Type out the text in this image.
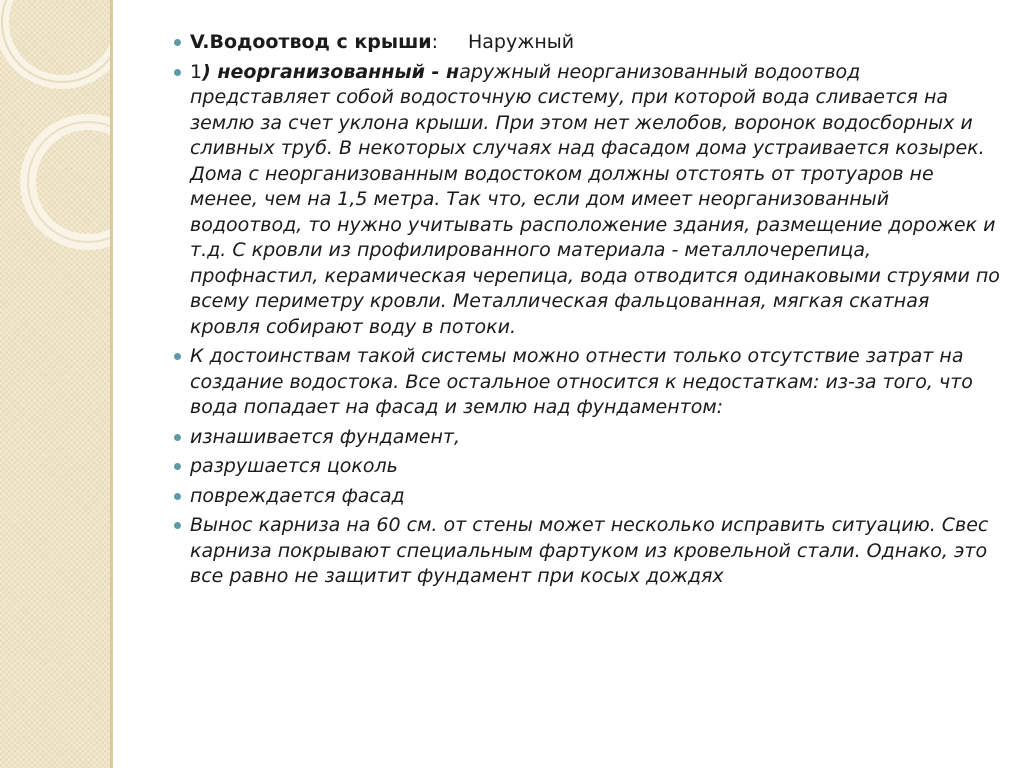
V.Водоотвод с крыши: Наружный
1) неорганизованный - наружный неорганизованный водоотвод представляет собой водосточную систему, при которой вода сливается на землю за счет уклона крыши. При этом нет желобов, воронок водосборных и сливных труб. В некоторых случаях над фасадом дома устраивается козырек. Дома с неорганизованным водостоком должны отстоять от тротуаров не менее, чем на 1,5 метра. Так что, если дом имеет неорганизованный водоотвод, то нужно учитывать расположение здания, размещение дорожек и т.д. С кровли из профилированного материала - металлочерепица, профнастил, керамическая черепица, вода отводится одинаковыми струями по всему периметру кровли. Металлическая фальцованная, мягкая скатная кровля собирают воду в потоки.
К достоинствам такой системы можно отнести только отсутствие затрат на создание водостока. Все остальное относится к недостаткам: из-за того, что вода попадает на фасад и землю над фундаментом:
изнашивается фундамент,
разрушается цоколь
повреждается фасад
Вынос карниза на 60 см. от стены может несколько исправить ситуацию. Свес карниза покрывают специальным фартуком из кровельной стали. Однако, это все равно не защитит фундамент при косых дождях
